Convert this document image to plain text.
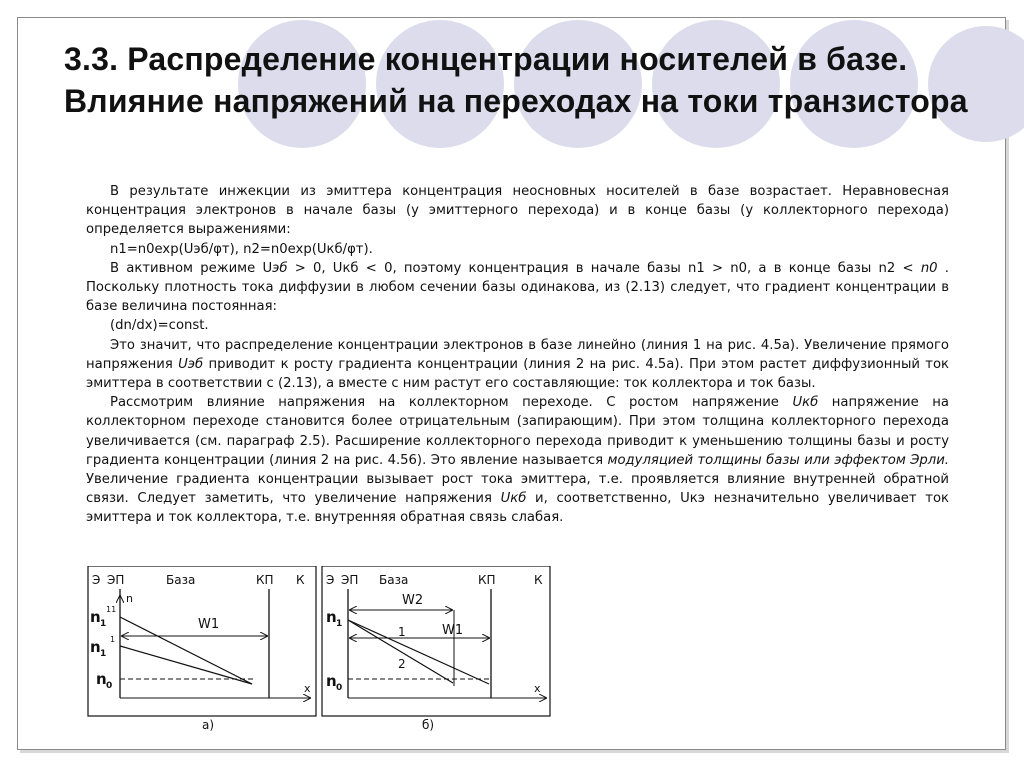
3.3. Распределение концентрации носителей в базе. Влияние напряжений на переходах на токи транзистора

В результате инжекции из эмиттера концентрация неосновных носителей в базе возрастает. Неравновесная концентрация электронов в начале базы (у эмиттерного перехода) и в конце базы (у коллекторного перехода) определяется выражениями:

n1=n0exp(Uэб/φт), n2=n0exp(Uкб/φт).

В активном режиме Uэб > 0, Uкб < 0, поэтому концентрация в начале базы n1 > n0, а в конце базы n2 < n0 . Поскольку плотность тока диффузии в любом сечении базы одинакова, из (2.13) следует, что градиент концентрации в базе величина постоянная:

(dn/dx)=const.

Это значит, что распределение концентрации электронов в базе линейно (линия 1 на рис. 4.5а). Увеличение прямого напряжения Uэб приводит к росту градиента концентрации (линия 2 на рис. 4.5а). При этом растет диффузионный ток эмиттера в соответствии с (2.13), а вместе с ним растут его составляющие: ток коллектора и ток базы.

Рассмотрим влияние напряжения на коллекторном переходе. С ростом напряжение Uкб напряжение на коллекторном переходе становится более отрицательным (запирающим). При этом толщина коллекторного перехода увеличивается (см. параграф 2.5). Расширение коллекторного перехода приводит к уменьшению толщины базы и росту градиента концентрации (линия 2 на рис. 4.56). Это явление называется модуляцией толщины базы или эффектом Эрли. Увеличение градиента концентрации вызывает рост тока эмиттера, т.е. проявляется влияние внутренней обратной связи. Следует заметить, что увеличение напряжения Uкб и, соответственно, Uкэ незначительно увеличивает ток эмиттера и ток коллектора, т.е. внутренняя обратная связь слабая.

Э ЭП	База	КП К
n
x
W1
n 1
11
n 1
1
n 0
а)
Э ЭП База	КП	К
x
W2
W1
1
2
n 1
n 0
б)
